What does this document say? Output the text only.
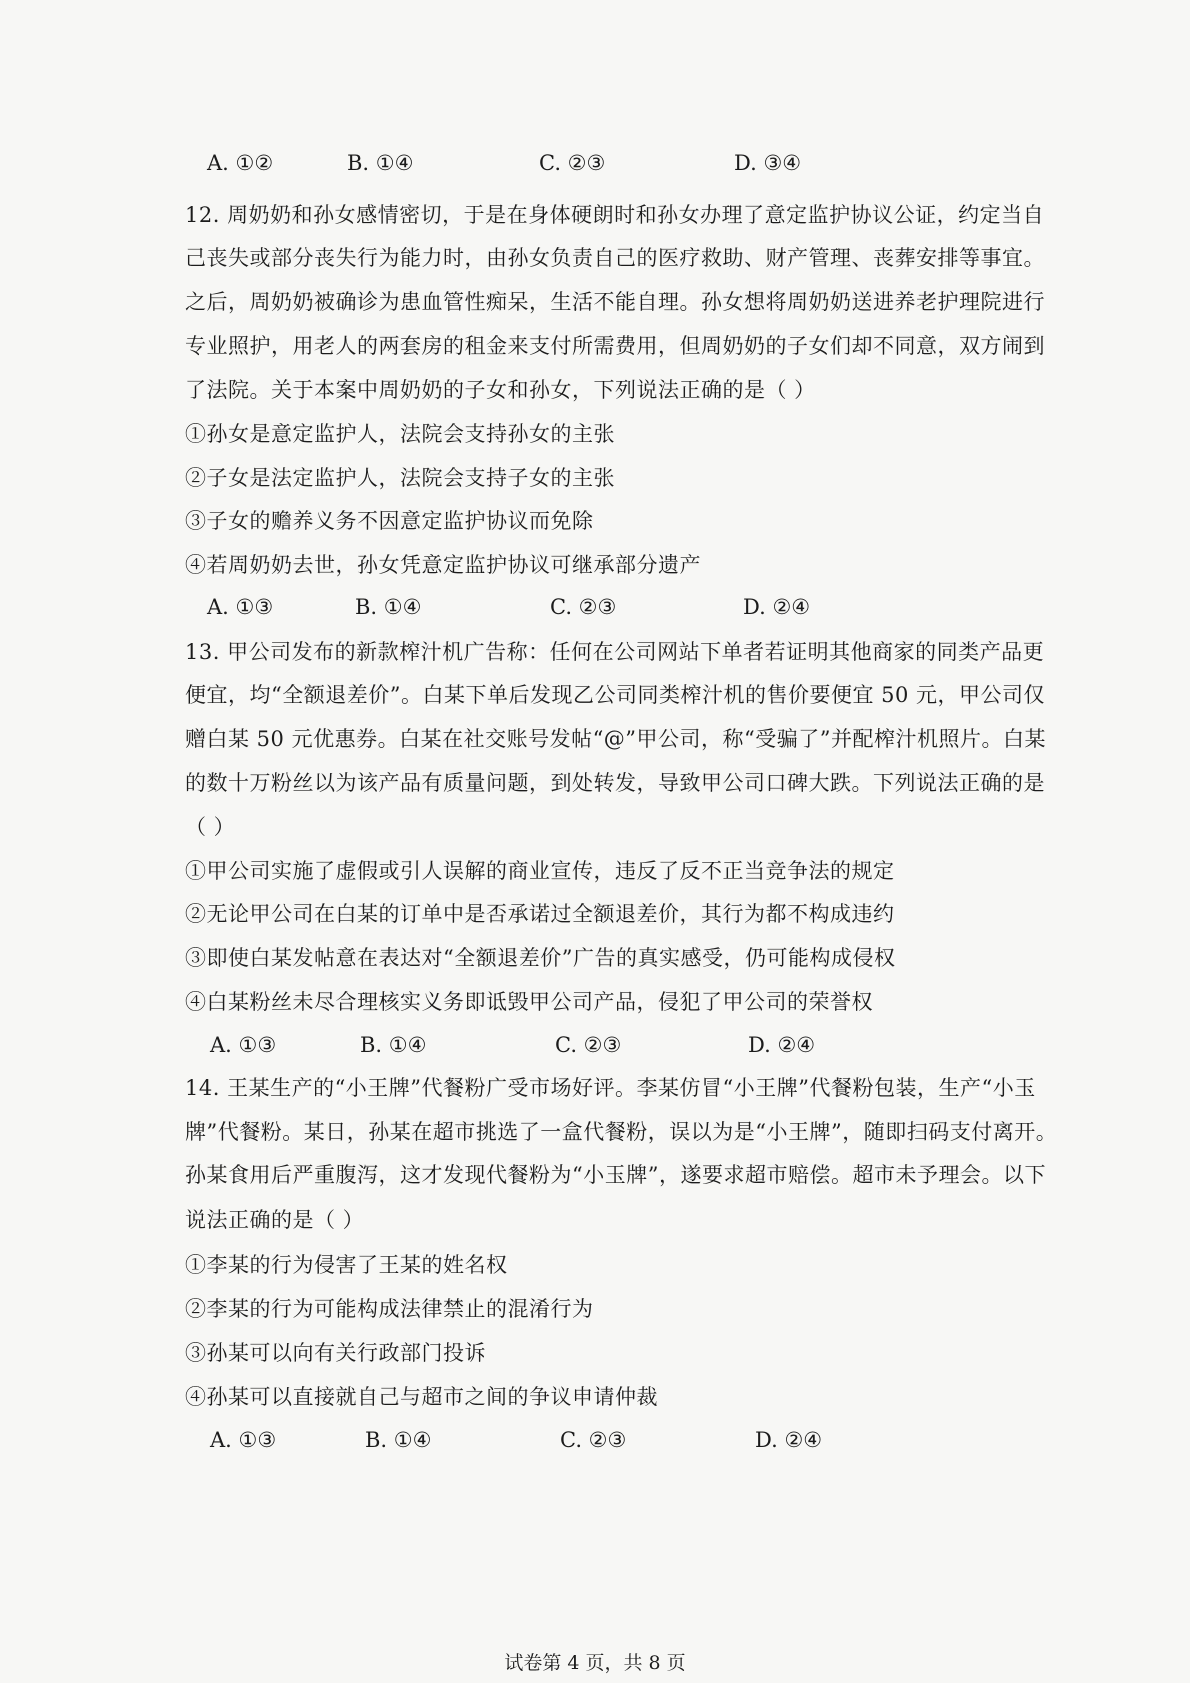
A. ①②	B. ①④	C. ②③	D. ③④
12. 周奶奶和孙女感情密切，于是在身体硬朗时和孙女办理了意定监护协议公证，约定当自
己丧失或部分丧失行为能力时，由孙女负责自己的医疗救助、财产管理、丧葬安排等事宜。
之后，周奶奶被确诊为患血管性痴呆，生活不能自理。孙女想将周奶奶送进养老护理院进行
专业照护，用老人的两套房的租金来支付所需费用，但周奶奶的子女们却不同意，双方闹到
了法院。关于本案中周奶奶的子女和孙女，下列说法正确的是（ ）
①孙女是意定监护人，法院会支持孙女的主张
②子女是法定监护人，法院会支持子女的主张
③子女的赡养义务不因意定监护协议而免除
④若周奶奶去世，孙女凭意定监护协议可继承部分遗产
A. ①③	B. ①④	C. ②③	D. ②④
13. 甲公司发布的新款榨汁机广告称：任何在公司网站下单者若证明其他商家的同类产品更
便宜，均“全额退差价”。白某下单后发现乙公司同类榨汁机的售价要便宜 50 元，甲公司仅
赠白某 50 元优惠券。白某在社交账号发帖“@”甲公司，称“受骗了”并配榨汁机照片。白某
的数十万粉丝以为该产品有质量问题，到处转发，导致甲公司口碑大跌。下列说法正确的是
（ ）
①甲公司实施了虚假或引人误解的商业宣传，违反了反不正当竞争法的规定
②无论甲公司在白某的订单中是否承诺过全额退差价，其行为都不构成违约
③即使白某发帖意在表达对“全额退差价”广告的真实感受，仍可能构成侵权
④白某粉丝未尽合理核实义务即诋毁甲公司产品，侵犯了甲公司的荣誉权
A. ①③	B. ①④	C. ②③	D. ②④
14. 王某生产的“小王牌”代餐粉广受市场好评。李某仿冒“小王牌”代餐粉包装，生产“小玉
牌”代餐粉。某日，孙某在超市挑选了一盒代餐粉，误以为是“小王牌”，随即扫码支付离开。
孙某食用后严重腹泻，这才发现代餐粉为“小玉牌”，遂要求超市赔偿。超市未予理会。以下
说法正确的是（ ）
①李某的行为侵害了王某的姓名权
②李某的行为可能构成法律禁止的混淆行为
③孙某可以向有关行政部门投诉
④孙某可以直接就自己与超市之间的争议申请仲裁
A. ①③	B. ①④	C. ②③	D. ②④
试卷第 4 页，共 8 页
